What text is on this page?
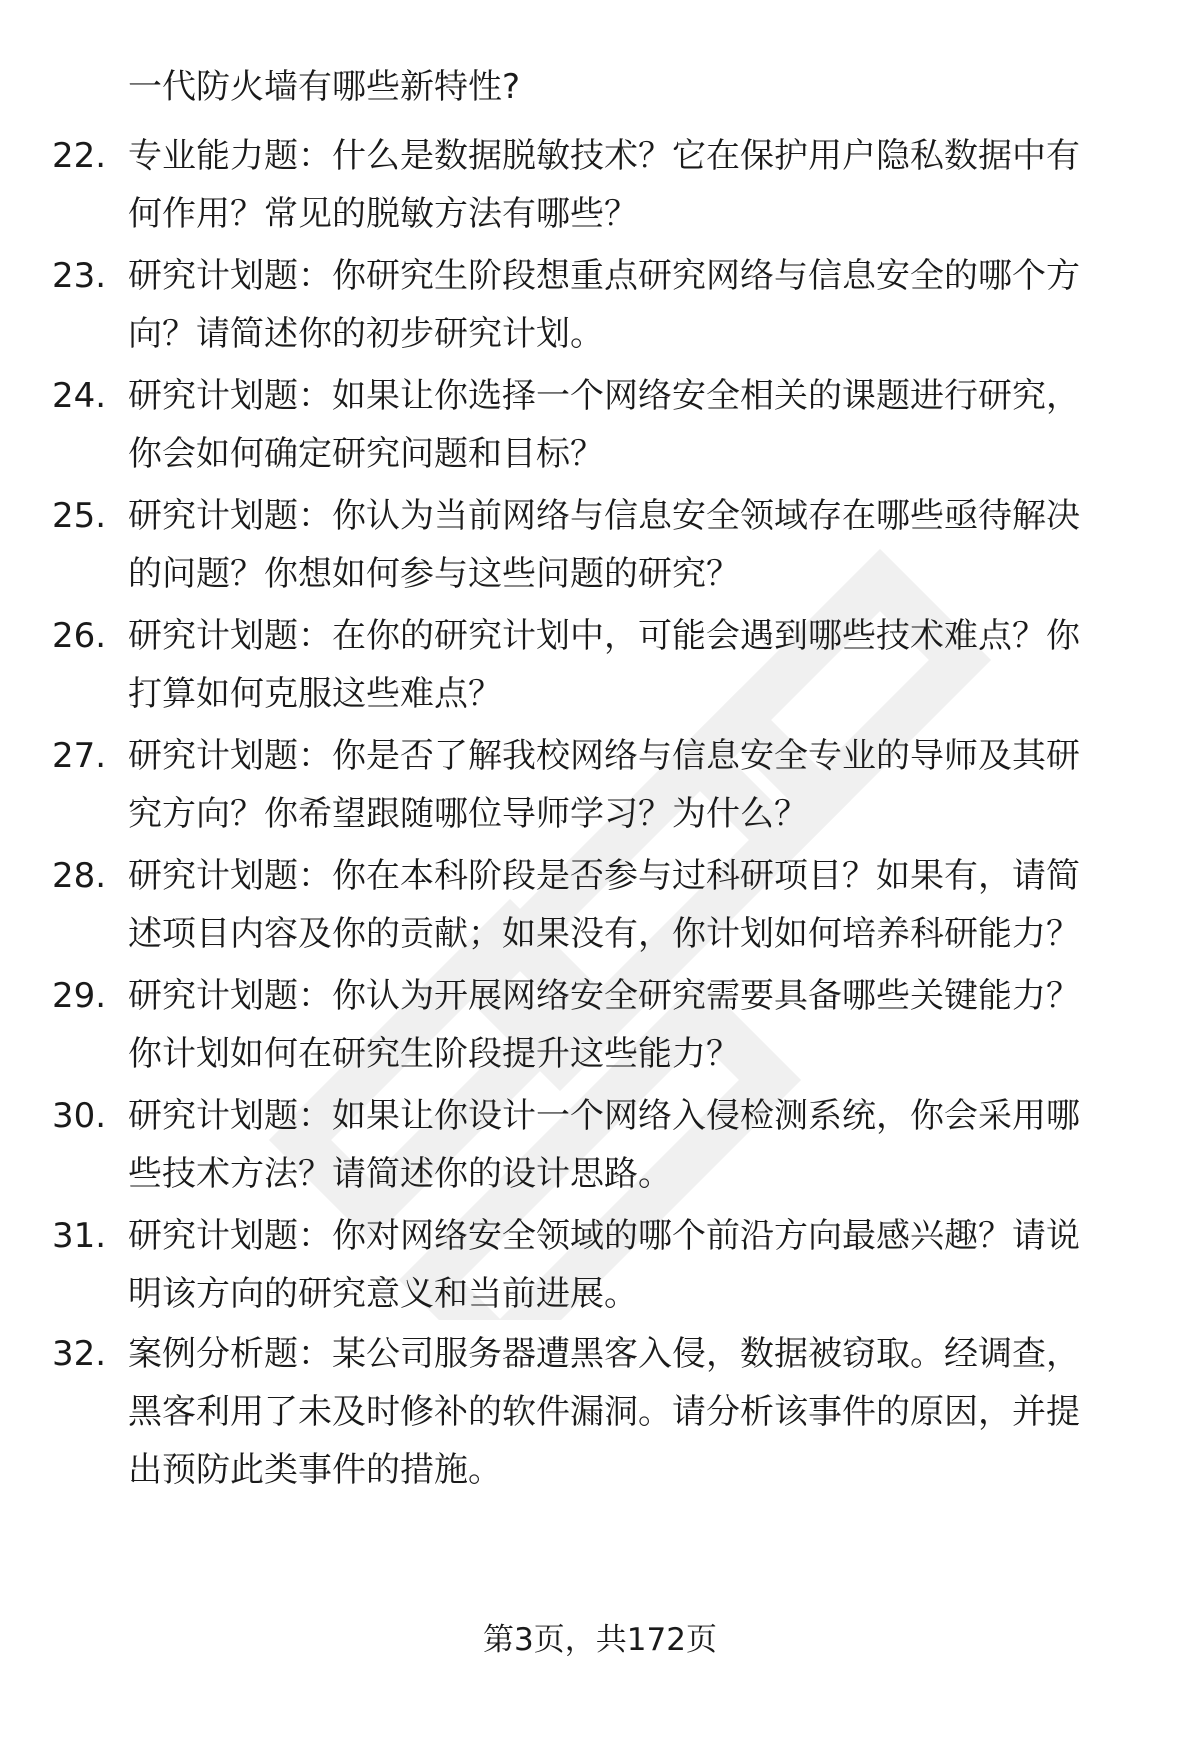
一代防火墙有哪些新特性?
22. 专业能力题：什么是数据脱敏技术？它在保护用户隐私数据中有
何作用？常见的脱敏方法有哪些？
23. 研究计划题：你研究生阶段想重点研究网络与信息安全的哪个方
向？请简述你的初步研究计划。
24. 研究计划题：如果让你选择一个网络安全相关的课题进行研究，
你会如何确定研究问题和目标？
25. 研究计划题：你认为当前网络与信息安全领域存在哪些亟待解决
的问题？你想如何参与这些问题的研究？
26. 研究计划题：在你的研究计划中，可能会遇到哪些技术难点？你
打算如何克服这些难点？
27. 研究计划题：你是否了解我校网络与信息安全专业的导师及其研
究方向？你希望跟随哪位导师学习？为什么？
28. 研究计划题：你在本科阶段是否参与过科研项目？如果有，请简
述项目内容及你的贡献；如果没有，你计划如何培养科研能力？
29. 研究计划题：你认为开展网络安全研究需要具备哪些关键能力？
你计划如何在研究生阶段提升这些能力？
30. 研究计划题：如果让你设计一个网络入侵检测系统，你会采用哪
些技术方法？请简述你的设计思路。
31. 研究计划题：你对网络安全领域的哪个前沿方向最感兴趣？请说
明该方向的研究意义和当前进展。
32. 案例分析题：某公司服务器遭黑客入侵，数据被窃取。经调查，
黑客利用了未及时修补的软件漏洞。请分析该事件的原因，并提
出预防此类事件的措施。
第3页，共172页
